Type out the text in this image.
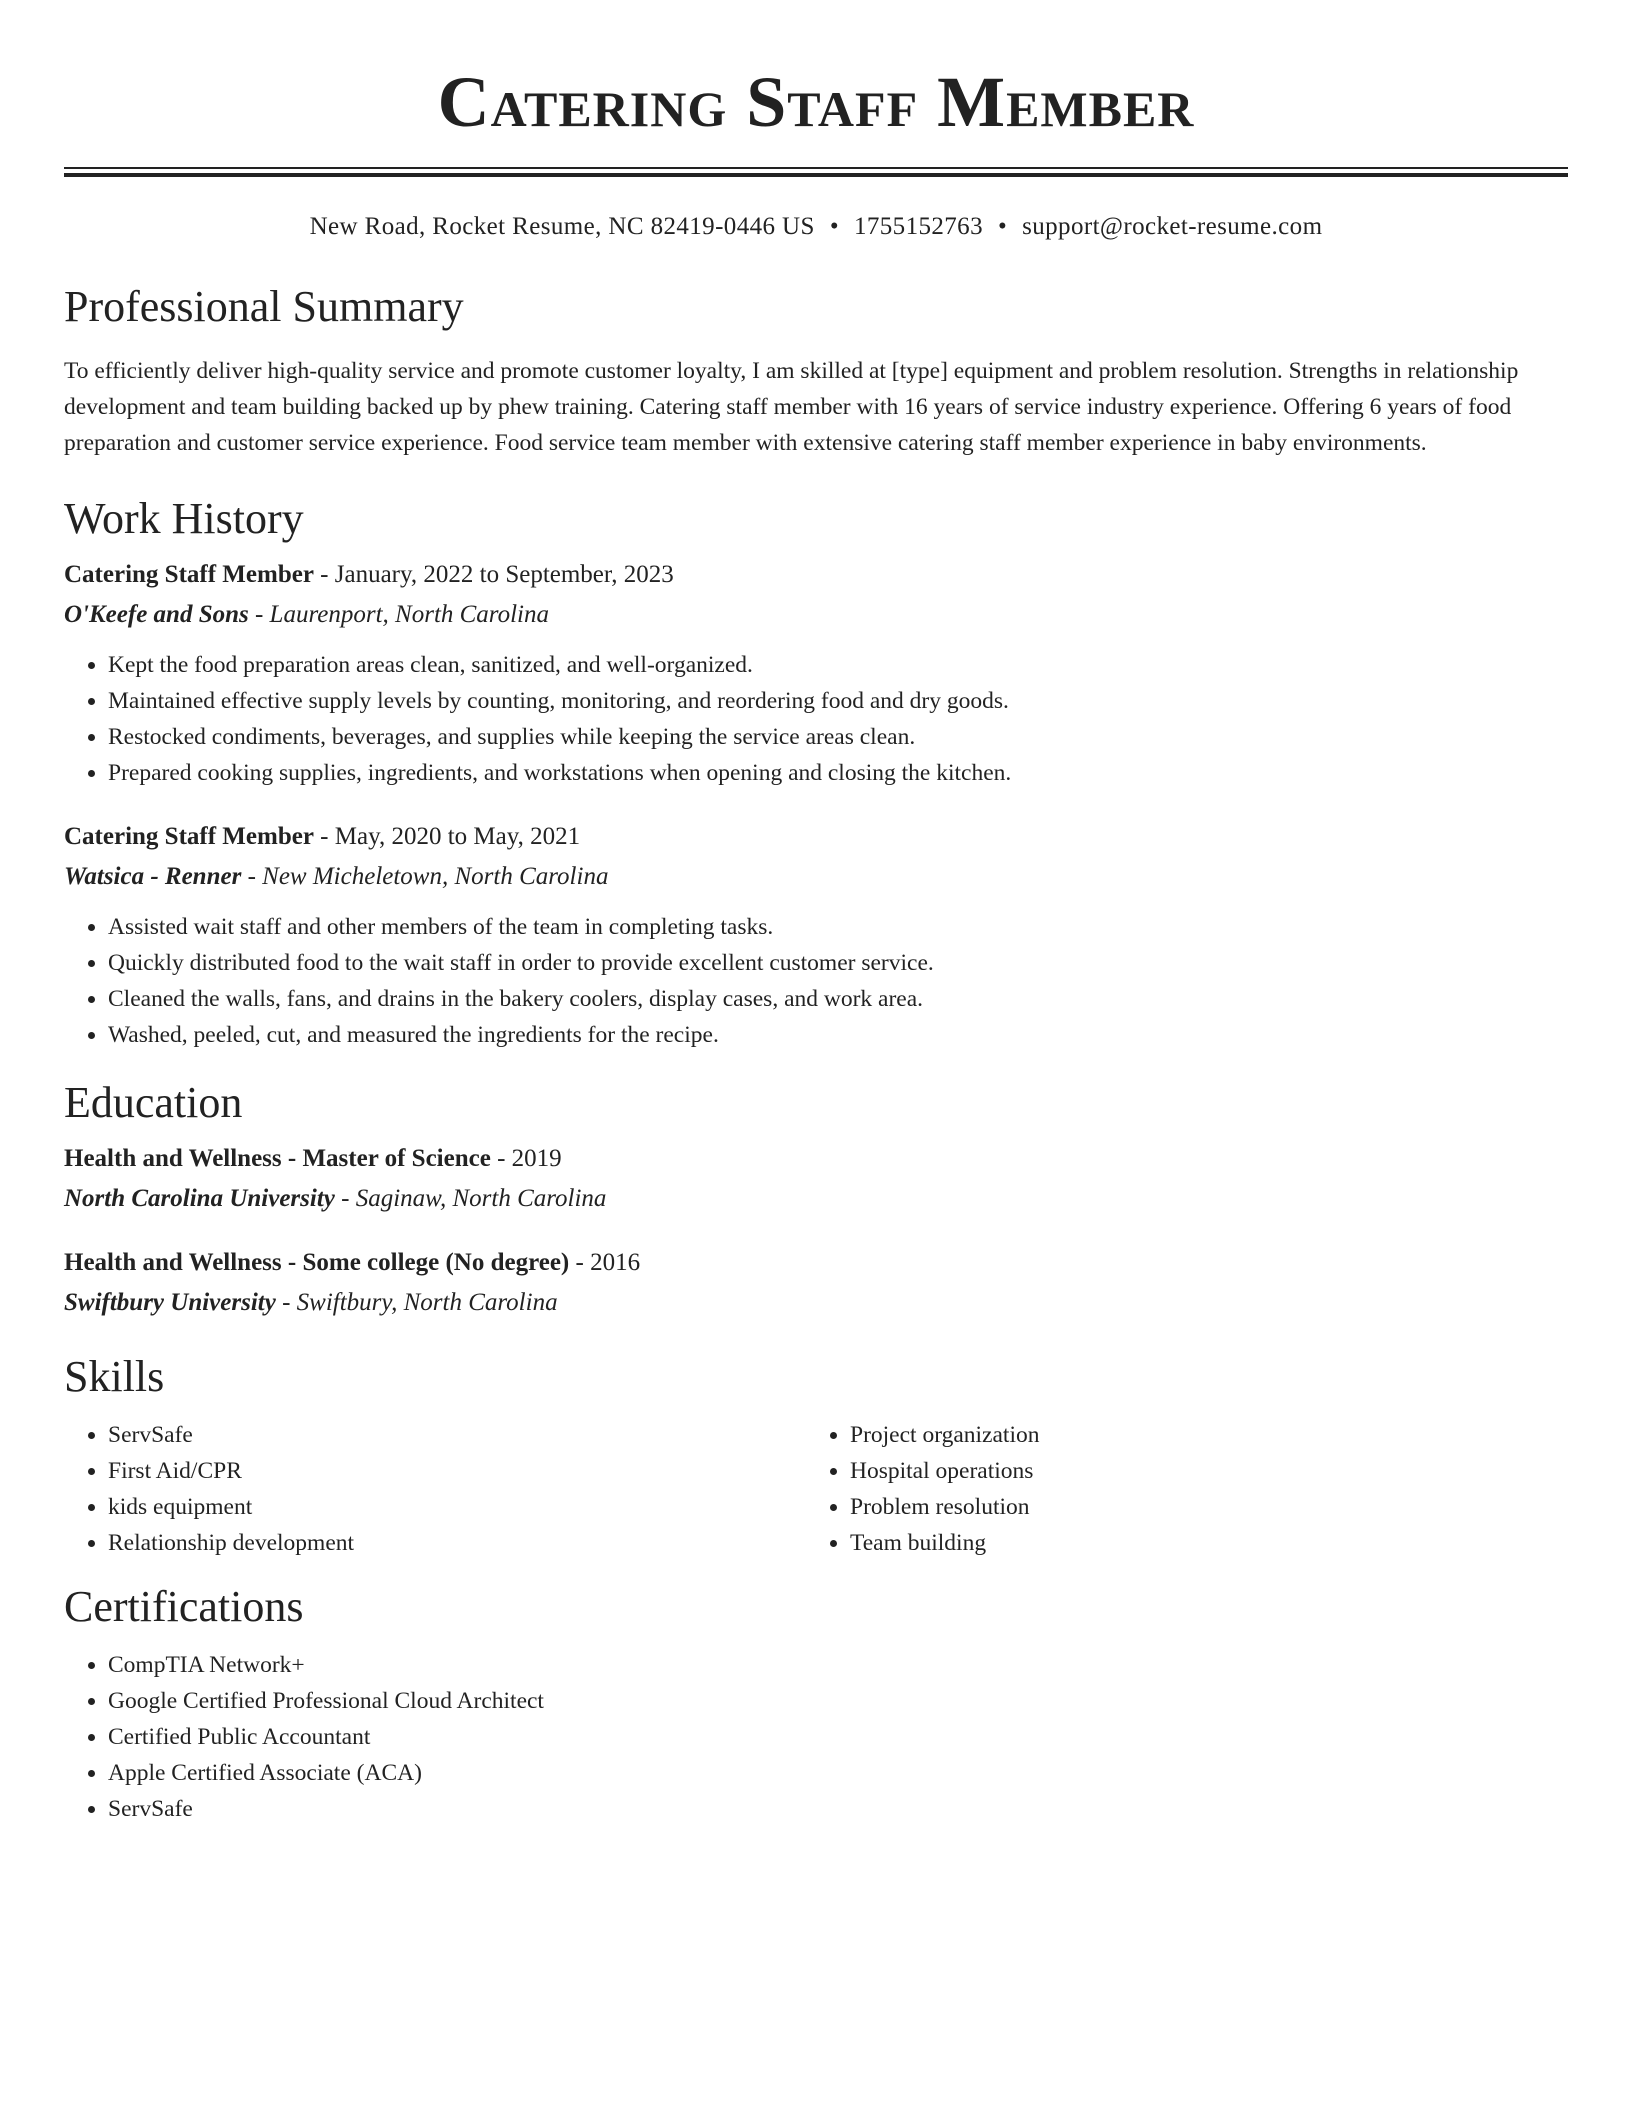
Catering Staff Member
New Road, Rocket Resume, NC 82419-0446 US • 1755152763 • support@rocket-resume.com
Professional Summary

To efficiently deliver high-quality service and promote customer loyalty, I am skilled at [type] equipment and problem resolution. Strengths in relationship development and team building backed up by phew training. Catering staff member with 16 years of service industry experience. Offering 6 years of food preparation and customer service experience. Food service team member with extensive catering staff member experience in baby environments.

Work History
Catering Staff Member - January, 2022 to September, 2023
O'Keefe and Sons - Laurenport, North Carolina
• Kept the food preparation areas clean, sanitized, and well-organized.
• Maintained effective supply levels by counting, monitoring, and reordering food and dry goods.
• Restocked condiments, beverages, and supplies while keeping the service areas clean.
• Prepared cooking supplies, ingredients, and workstations when opening and closing the kitchen.
Catering Staff Member - May, 2020 to May, 2021
Watsica - Renner - New Micheletown, North Carolina
• Assisted wait staff and other members of the team in completing tasks.
• Quickly distributed food to the wait staff in order to provide excellent customer service.
• Cleaned the walls, fans, and drains in the bakery coolers, display cases, and work area.
• Washed, peeled, cut, and measured the ingredients for the recipe.
Education
Health and Wellness - Master of Science - 2019
North Carolina University - Saginaw, North Carolina
Health and Wellness - Some college (No degree) - 2016
Swiftbury University - Swiftbury, North Carolina
Skills
• ServSafe
• First Aid/CPR
• kids equipment
• Relationship development
• Project organization
• Hospital operations
• Problem resolution
• Team building
Certifications
• CompTIA Network+
• Google Certified Professional Cloud Architect
• Certified Public Accountant
• Apple Certified Associate (ACA)
• ServSafe
